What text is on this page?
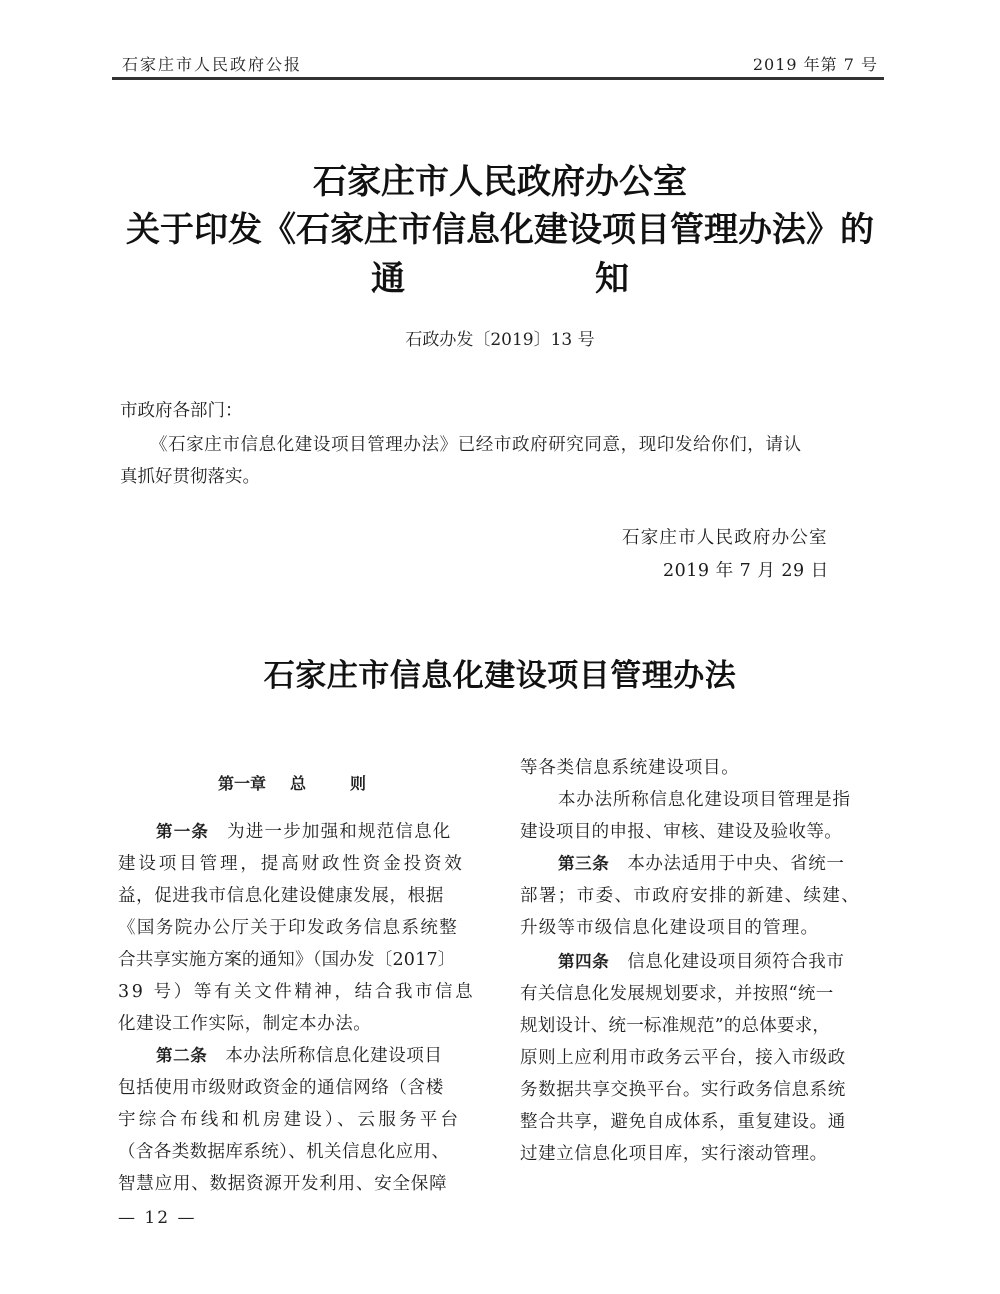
石家庄市人民政府公报	2019 年第 7 号
石家庄市人民政府办公室
关于印发《石家庄市信息化建设项目管理办法》的
通	知
石政办发〔2019〕13 号
市政府各部门：
《石家庄市信息化建设项目管理办法》已经市政府研究同意，现印发给你们，请认
真抓好贯彻落实。
石家庄市人民政府办公室
2019 年 7 月 29 日
石家庄市信息化建设项目管理办法
第一章 总	则
第一条 为进一步加强和规范信息化
建设项目管理，提高财政性资金投资效
益，促进我市信息化建设健康发展，根据
《国务院办公厅关于印发政务信息系统整
合共享实施方案的通知》（国办发〔2017〕
39 号）等有关文件精神，结合我市信息
化建设工作实际，制定本办法。
第二条 本办法所称信息化建设项目
包括使用市级财政资金的通信网络（含楼
宇综合布线和机房建设）、云服务平台
（含各类数据库系统）、机关信息化应用、
智慧应用、数据资源开发利用、安全保障
等各类信息系统建设项目。
本办法所称信息化建设项目管理是指
建设项目的申报、审核、建设及验收等。
第三条 本办法适用于中央、省统一
部署；市委、市政府安排的新建、续建、
升级等市级信息化建设项目的管理。
第四条 信息化建设项目须符合我市
有关信息化发展规划要求，并按照“统一
规划设计、统一标准规范”的总体要求，
原则上应利用市政务云平台，接入市级政
务数据共享交换平台。实行政务信息系统
整合共享，避免自成体系，重复建设。通
过建立信息化项目库，实行滚动管理。
— 12 —
